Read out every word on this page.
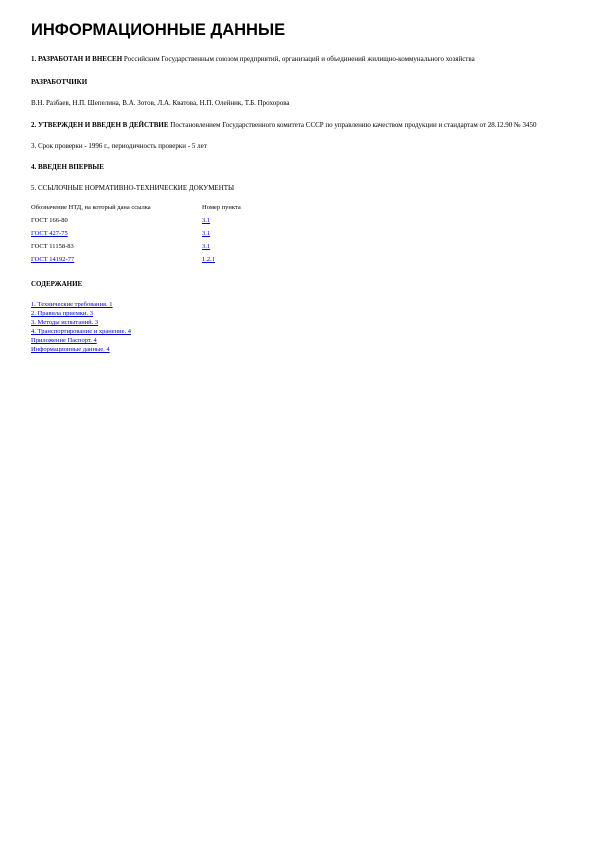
ИНФОРМАЦИОННЫЕ ДАННЫЕ

1. РАЗРАБОТАН И ВНЕСЕН Российским Государственным союзом предприятий, организаций и объединений жилищно-коммунального хозяйства

РАЗРАБОТЧИКИ

В.Н. Разбаев, Н.П. Шепелина, В.А. Зотов, Л.А. Кватова, Н.П. Олейник, Т.Б. Прохорова

2. УТВЕРЖДЕН И ВВЕДЕН В ДЕЙСТВИЕ Постановлением Государственного комитета СССР по управлению качеством продукции и стандартам от 28.12.90 № 3450

3. Срок проверки - 1996 г., периодичность проверки - 5 лет

4. ВВЕДЕН ВПЕРВЫЕ

5. ССЫЛОЧНЫЕ НОРМАТИВНО-ТЕХНИЧЕСКИЕ ДОКУМЕНТЫ

Обозначение НТД, на который дана ссылка	Номер пункта
ГОСТ 166-80	3.1
ГОСТ 427-75	3.1
ГОСТ 11158-83	3.1
ГОСТ 14192-77	1.2.1

СОДЕРЖАНИЕ

1. Технические требования. 1
2. Правила приемки. 3
3. Методы испытаний. 3
4. Транспортирование и хранение. 4
Приложение Паспорт. 4
Информационные данные. 4
